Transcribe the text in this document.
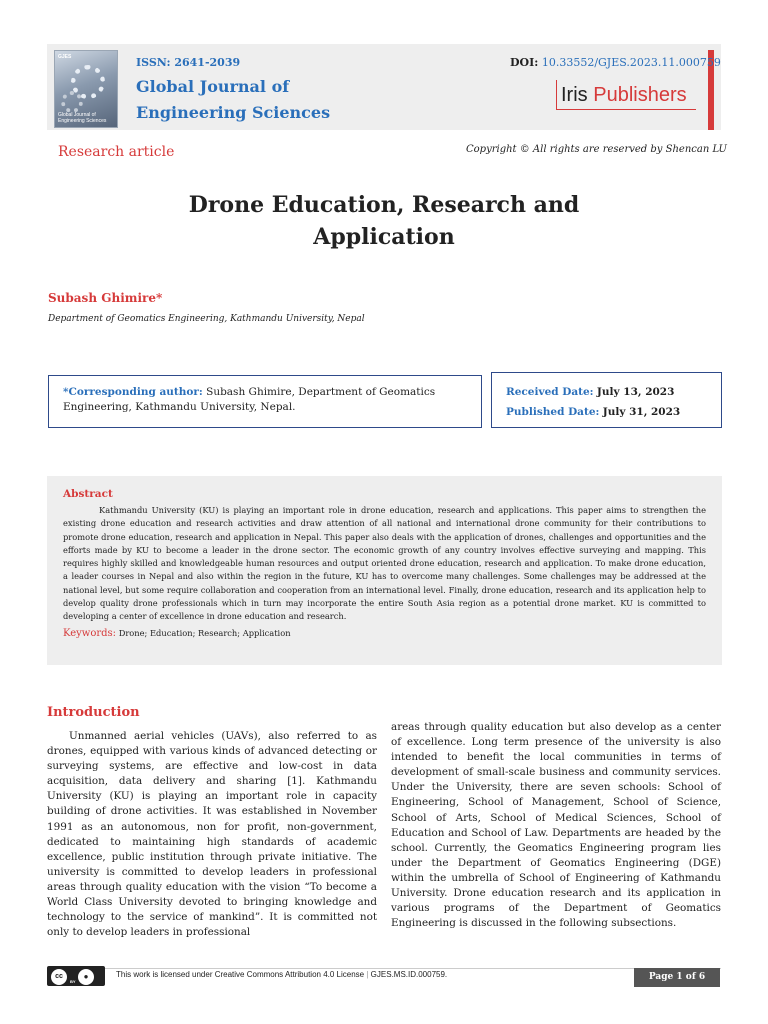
GJES
Global Journal of Engineering Sciences
ISSN: 2641-2039
Global Journal of Engineering Sciences
DOI: 10.33552/GJES.2023.11.000759
Iris Publishers
Research article	Copyright © All rights are reserved by Shencan LU
Drone Education, Research and Application
Subash Ghimire*
Department of Geomatics Engineering, Kathmandu University, Nepal
*Corresponding author: Subash Ghimire, Department of Geomatics Engineering, Kathmandu University, Nepal.
Received Date: July 13, 2023
Published Date: July 31, 2023
Abstract

Kathmandu University (KU) is playing an important role in drone education, research and applications. This paper aims to strengthen the existing drone education and research activities and draw attention of all national and international drone community for their contributions to promote drone education, research and application in Nepal. This paper also deals with the application of drones, challenges and opportunities and the efforts made by KU to become a leader in the drone sector. The economic growth of any country involves effective surveying and mapping. This requires highly skilled and knowledgeable human resources and output oriented drone education, research and application. To make drone education, a leader courses in Nepal and also within the region in the future, KU has to overcome many challenges. Some challenges may be addressed at the national level, but some require collaboration and cooperation from an international level. Finally, drone education, research and its application help to develop quality drone professionals which in turn may incorporate the entire South Asia region as a potential drone market. KU is committed to developing a center of excellence in drone education and research.

Keywords: Drone; Education; Research; Application
Introduction

Unmanned aerial vehicles (UAVs), also referred to as drones, equipped with various kinds of advanced detecting or surveying systems, are effective and low-cost in data acquisition, data delivery and sharing [1]. Kathmandu University (KU) is playing an important role in capacity building of drone activities. It was established in November 1991 as an autonomous, non for profit, non-government, dedicated to maintaining high standards of academic excellence, public institution through private initiative. The university is committed to develop leaders in professional areas through quality education with the vision “To become a World Class University devoted to bringing knowledge and technology to the service of mankind”. It is committed not only to develop leaders in professional

areas through quality education but also develop as a center of excellence. Long term presence of the university is also intended to benefit the local communities in terms of development of small-scale business and community services. Under the University, there are seven schools: School of Engineering, School of Management, School of Science, School of Arts, School of Medical Sciences, School of Education and School of Law. Departments are headed by the school. Currently, the Geomatics Engineering program lies under the Department of Geomatics Engineering (DGE) within the umbrella of School of Engineering of Kathmandu University. Drone education research and its application in various programs of the Department of Geomatics Engineering is discussed in the following subsections.

cc
BY
●	This work is licensed under Creative Commons Attribution 4.0 License | GJES.MS.ID.000759.	Page 1 of 6
